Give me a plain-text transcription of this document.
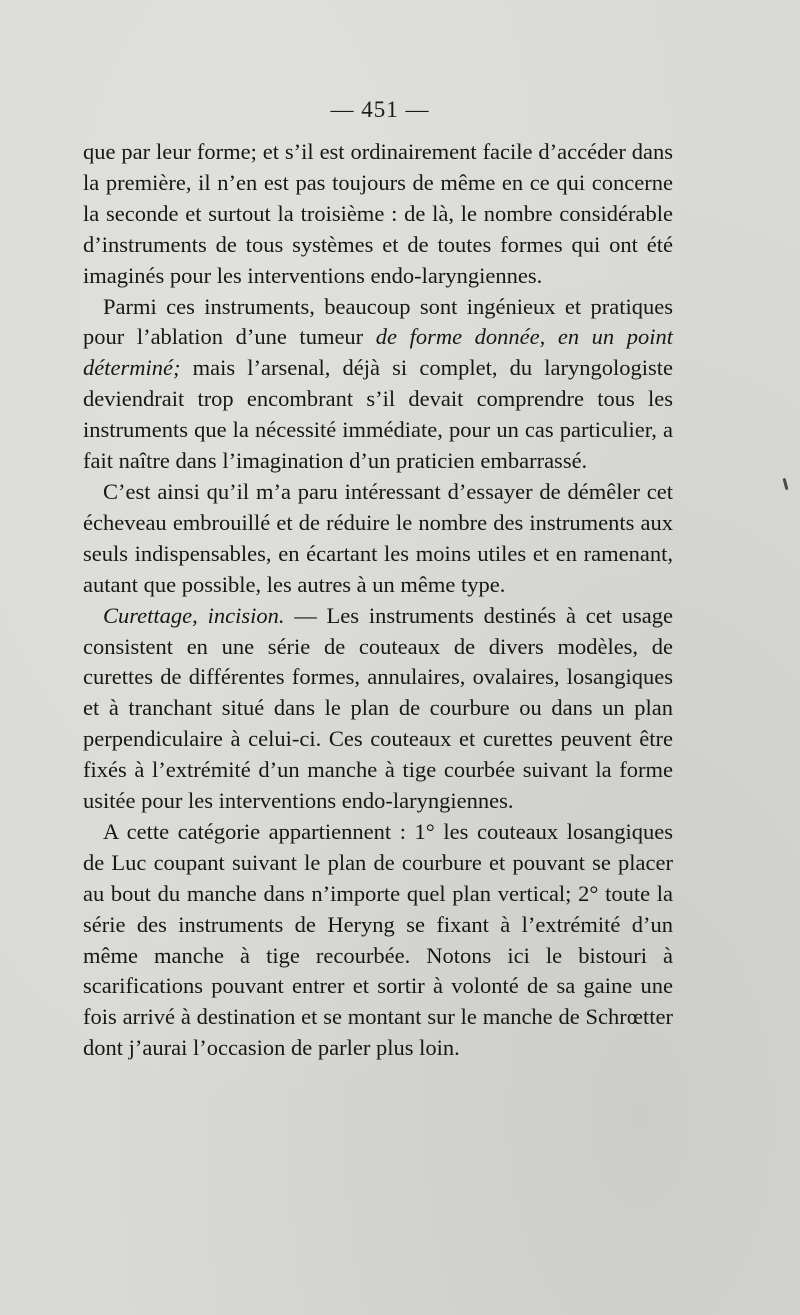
— 451 —

que par leur forme; et s’il est ordinairement facile d’accéder dans la première, il n’en est pas toujours de même en ce qui concerne la seconde et surtout la troisième : de là, le nombre considérable d’instruments de tous systèmes et de toutes formes qui ont été imaginés pour les interventions endo-laryngiennes.

Parmi ces instruments, beaucoup sont ingénieux et pratiques pour l’ablation d’une tumeur de forme donnée, en un point déterminé; mais l’arsenal, déjà si complet, du laryngologiste deviendrait trop encombrant s’il devait comprendre tous les instruments que la nécessité immédiate, pour un cas particulier, a fait naître dans l’imagination d’un praticien embarrassé.

C’est ainsi qu’il m’a paru intéressant d’essayer de démêler cet écheveau embrouillé et de réduire le nombre des instruments aux seuls indispensables, en écartant les moins utiles et en ramenant, autant que possible, les autres à un même type.

Curettage, incision. — Les instruments destinés à cet usage consistent en une série de couteaux de divers modèles, de curettes de différentes formes, annulaires, ovalaires, losangiques et à tranchant situé dans le plan de courbure ou dans un plan perpendiculaire à celui-ci. Ces couteaux et curettes peuvent être fixés à l’extrémité d’un manche à tige courbée suivant la forme usitée pour les interventions endo-laryngiennes.

A cette catégorie appartiennent : 1° les couteaux losangiques de Luc coupant suivant le plan de courbure et pouvant se placer au bout du manche dans n’importe quel plan vertical; 2° toute la série des instruments de Heryng se fixant à l’extrémité d’un même manche à tige recourbée. Notons ici le bistouri à scarifications pouvant entrer et sortir à volonté de sa gaine une fois arrivé à destination et se montant sur le manche de Schrœtter dont j’aurai l’occasion de parler plus loin.
